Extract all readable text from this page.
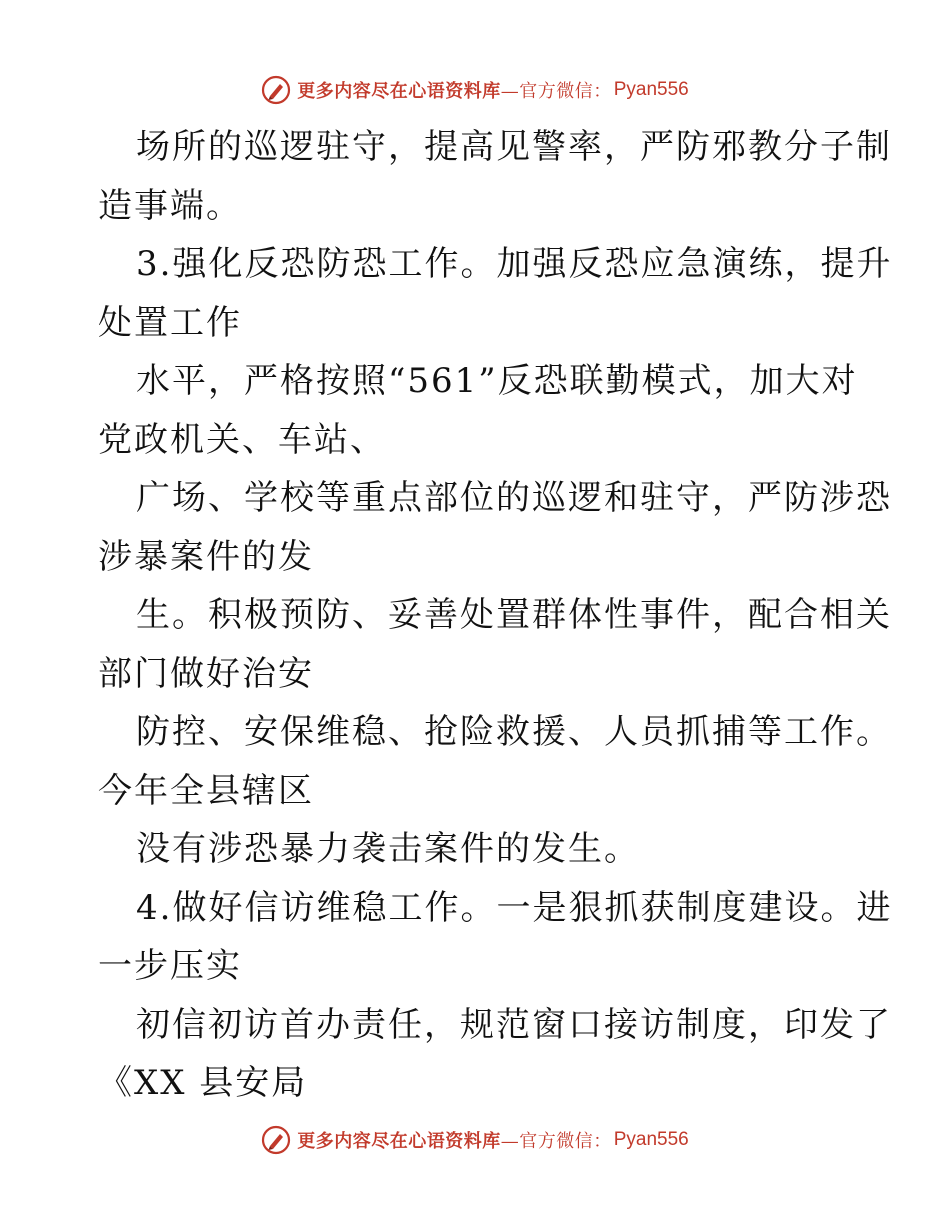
更多内容尽在心语资料库 —官方微信： Pyan556
场所的巡逻驻守，提高见警率，严防邪教分子制
造事端。
3.强化反恐防恐工作。加强反恐应急演练，提升
处置工作
水平，严格按照“561”反恐联勤模式，加大对
党政机关、车站、
广场、学校等重点部位的巡逻和驻守，严防涉恐
涉暴案件的发
生。积极预防、妥善处置群体性事件，配合相关
部门做好治安
防控、安保维稳、抢险救援、人员抓捕等工作。
今年全县辖区
没有涉恐暴力袭击案件的发生。
4.做好信访维稳工作。一是狠抓获制度建设。进
一步压实
初信初访首办责任，规范窗口接访制度，印发了
《XX 县安局
更多内容尽在心语资料库 —官方微信： Pyan556
